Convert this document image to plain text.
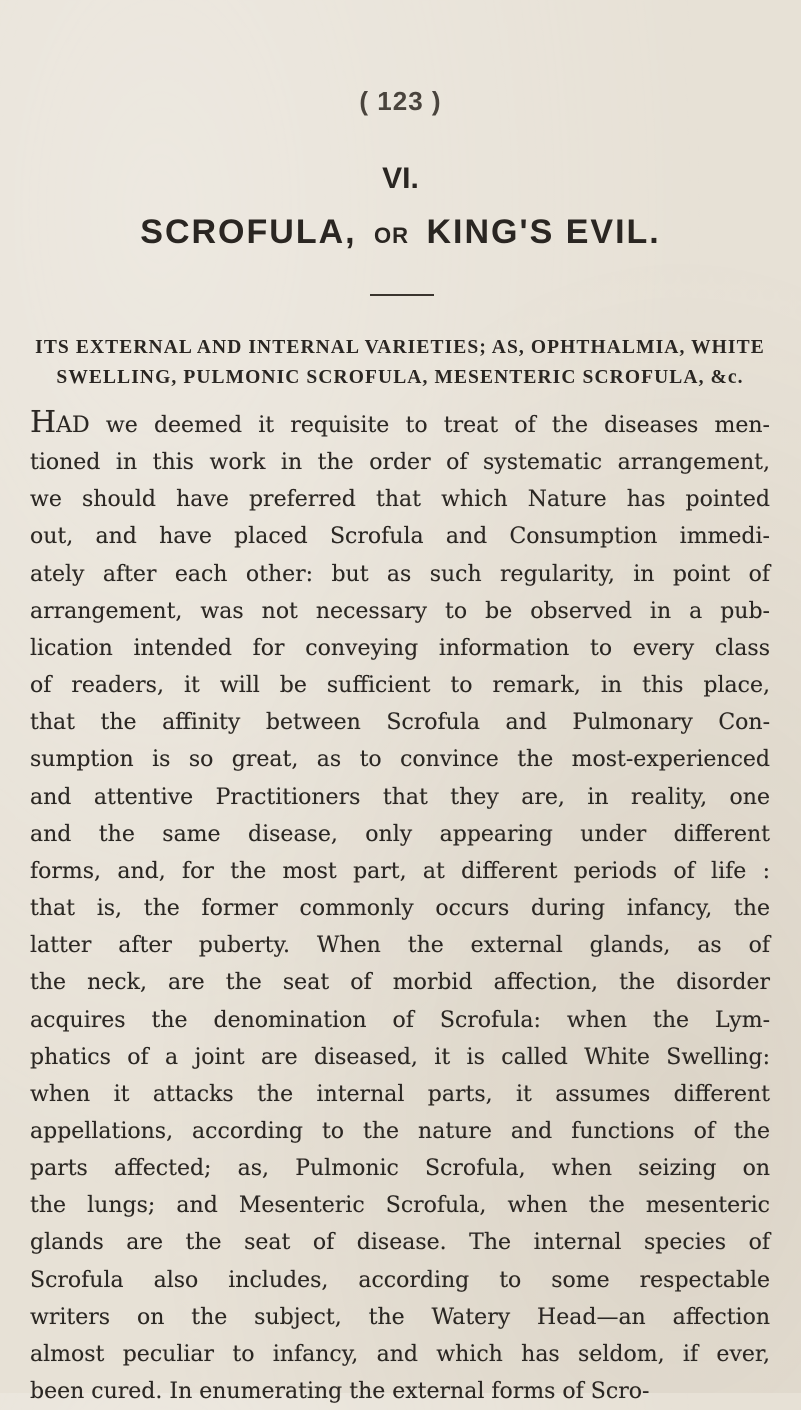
( 123 )
VI.
SCROFULA, OR KING'S EVIL.
ITS EXTERNAL AND INTERNAL VARIETIES; AS, OPHTHALMIA, WHITE
SWELLING, PULMONIC SCROFULA, MESENTERIC SCROFULA, &c.
HAD we deemed it requisite to treat of the diseases men-
tioned in this work in the order of systematic arrangement,
we should have preferred that which Nature has pointed
out, and have placed Scrofula and Consumption immedi-
ately after each other: but as such regularity, in point of
arrangement, was not necessary to be observed in a pub-
lication intended for conveying information to every class
of readers, it will be sufficient to remark, in this place,
that the affinity between Scrofula and Pulmonary Con-
sumption is so great, as to convince the most-experienced
and attentive Practitioners that they are, in reality, one
and the same disease, only appearing under different
forms, and, for the most part, at different periods of life :
that is, the former commonly occurs during infancy, the
latter after puberty. When the external glands, as of
the neck, are the seat of morbid affection, the disorder
acquires the denomination of Scrofula: when the Lym-
phatics of a joint are diseased, it is called White Swelling:
when it attacks the internal parts, it assumes different
appellations, according to the nature and functions of the
parts affected; as, Pulmonic Scrofula, when seizing on
the lungs; and Mesenteric Scrofula, when the mesenteric
glands are the seat of disease. The internal species of
Scrofula also includes, according to some respectable
writers on the subject, the Watery Head—an affection
almost peculiar to infancy, and which has seldom, if ever,
been cured. In enumerating the external forms of Scro-
